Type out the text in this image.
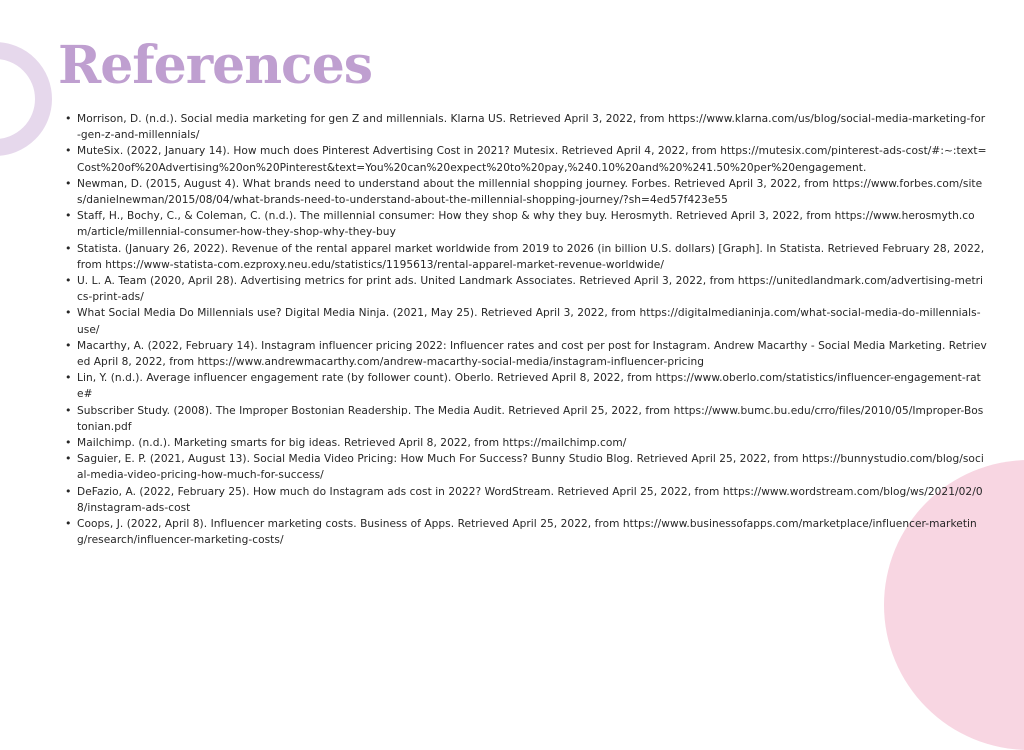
References
• Morrison, D. (n.d.). Social media marketing for gen Z and millennials. Klarna US. Retrieved April 3, 2022, from https://www.klarna.com/us/blog/social-media-marketing-for-gen-z-and-millennials/
• MuteSix. (2022, January 14). How much does Pinterest Advertising Cost in 2021? Mutesix. Retrieved April 4, 2022, from https://mutesix.com/pinterest-ads-cost/#:~:text=Cost%20of%20Advertising%20on%20Pinterest&text=You%20can%20expect%20to%20pay,%240.10%20and%20%241.50%20per%20engagement.
• Newman, D. (2015, August 4). What brands need to understand about the millennial shopping journey. Forbes. Retrieved April 3, 2022, from https://www.forbes.com/sites/danielnewman/2015/08/04/what-brands-need-to-understand-about-the-millennial-shopping-journey/?sh=4ed57f423e55
• Staff, H., Bochy, C., & Coleman, C. (n.d.). The millennial consumer: How they shop & why they buy. Herosmyth. Retrieved April 3, 2022, from https://www.herosmyth.com/article/millennial-consumer-how-they-shop-why-they-buy
• Statista. (January 26, 2022). Revenue of the rental apparel market worldwide from 2019 to 2026 (in billion U.S. dollars) [Graph]. In Statista. Retrieved February 28, 2022, from https://www-statista-com.ezproxy.neu.edu/statistics/1195613/rental-apparel-market-revenue-worldwide/
• U. L. A. Team (2020, April 28). Advertising metrics for print ads. United Landmark Associates. Retrieved April 3, 2022, from https://unitedlandmark.com/advertising-metrics-print-ads/
• What Social Media Do Millennials use? Digital Media Ninja. (2021, May 25). Retrieved April 3, 2022, from https://digitalmedianinja.com/what-social-media-do-millennials-use/
• Macarthy, A. (2022, February 14). Instagram influencer pricing 2022: Influencer rates and cost per post for Instagram. Andrew Macarthy - Social Media Marketing. Retrieved April 8, 2022, from https://www.andrewmacarthy.com/andrew-macarthy-social-media/instagram-influencer-pricing
• Lin, Y. (n.d.). Average influencer engagement rate (by follower count). Oberlo. Retrieved April 8, 2022, from https://www.oberlo.com/statistics/influencer-engagement-rate#
• Subscriber Study. (2008). The Improper Bostonian Readership. The Media Audit. Retrieved April 25, 2022, from https://www.bumc.bu.edu/crro/files/2010/05/Improper-Bostonian.pdf
• Mailchimp. (n.d.). Marketing smarts for big ideas. Retrieved April 8, 2022, from https://mailchimp.com/
• Saguier, E. P. (2021, August 13). Social Media Video Pricing: How Much For Success? Bunny Studio Blog. Retrieved April 25, 2022, from https://bunnystudio.com/blog/social-media-video-pricing-how-much-for-success/
• DeFazio, A. (2022, February 25). How much do Instagram ads cost in 2022? WordStream. Retrieved April 25, 2022, from https://www.wordstream.com/blog/ws/2021/02/08/instagram-ads-cost
• Coops, J. (2022, April 8). Influencer marketing costs. Business of Apps. Retrieved April 25, 2022, from https://www.businessofapps.com/marketplace/influencer-marketing/research/influencer-marketing-costs/
